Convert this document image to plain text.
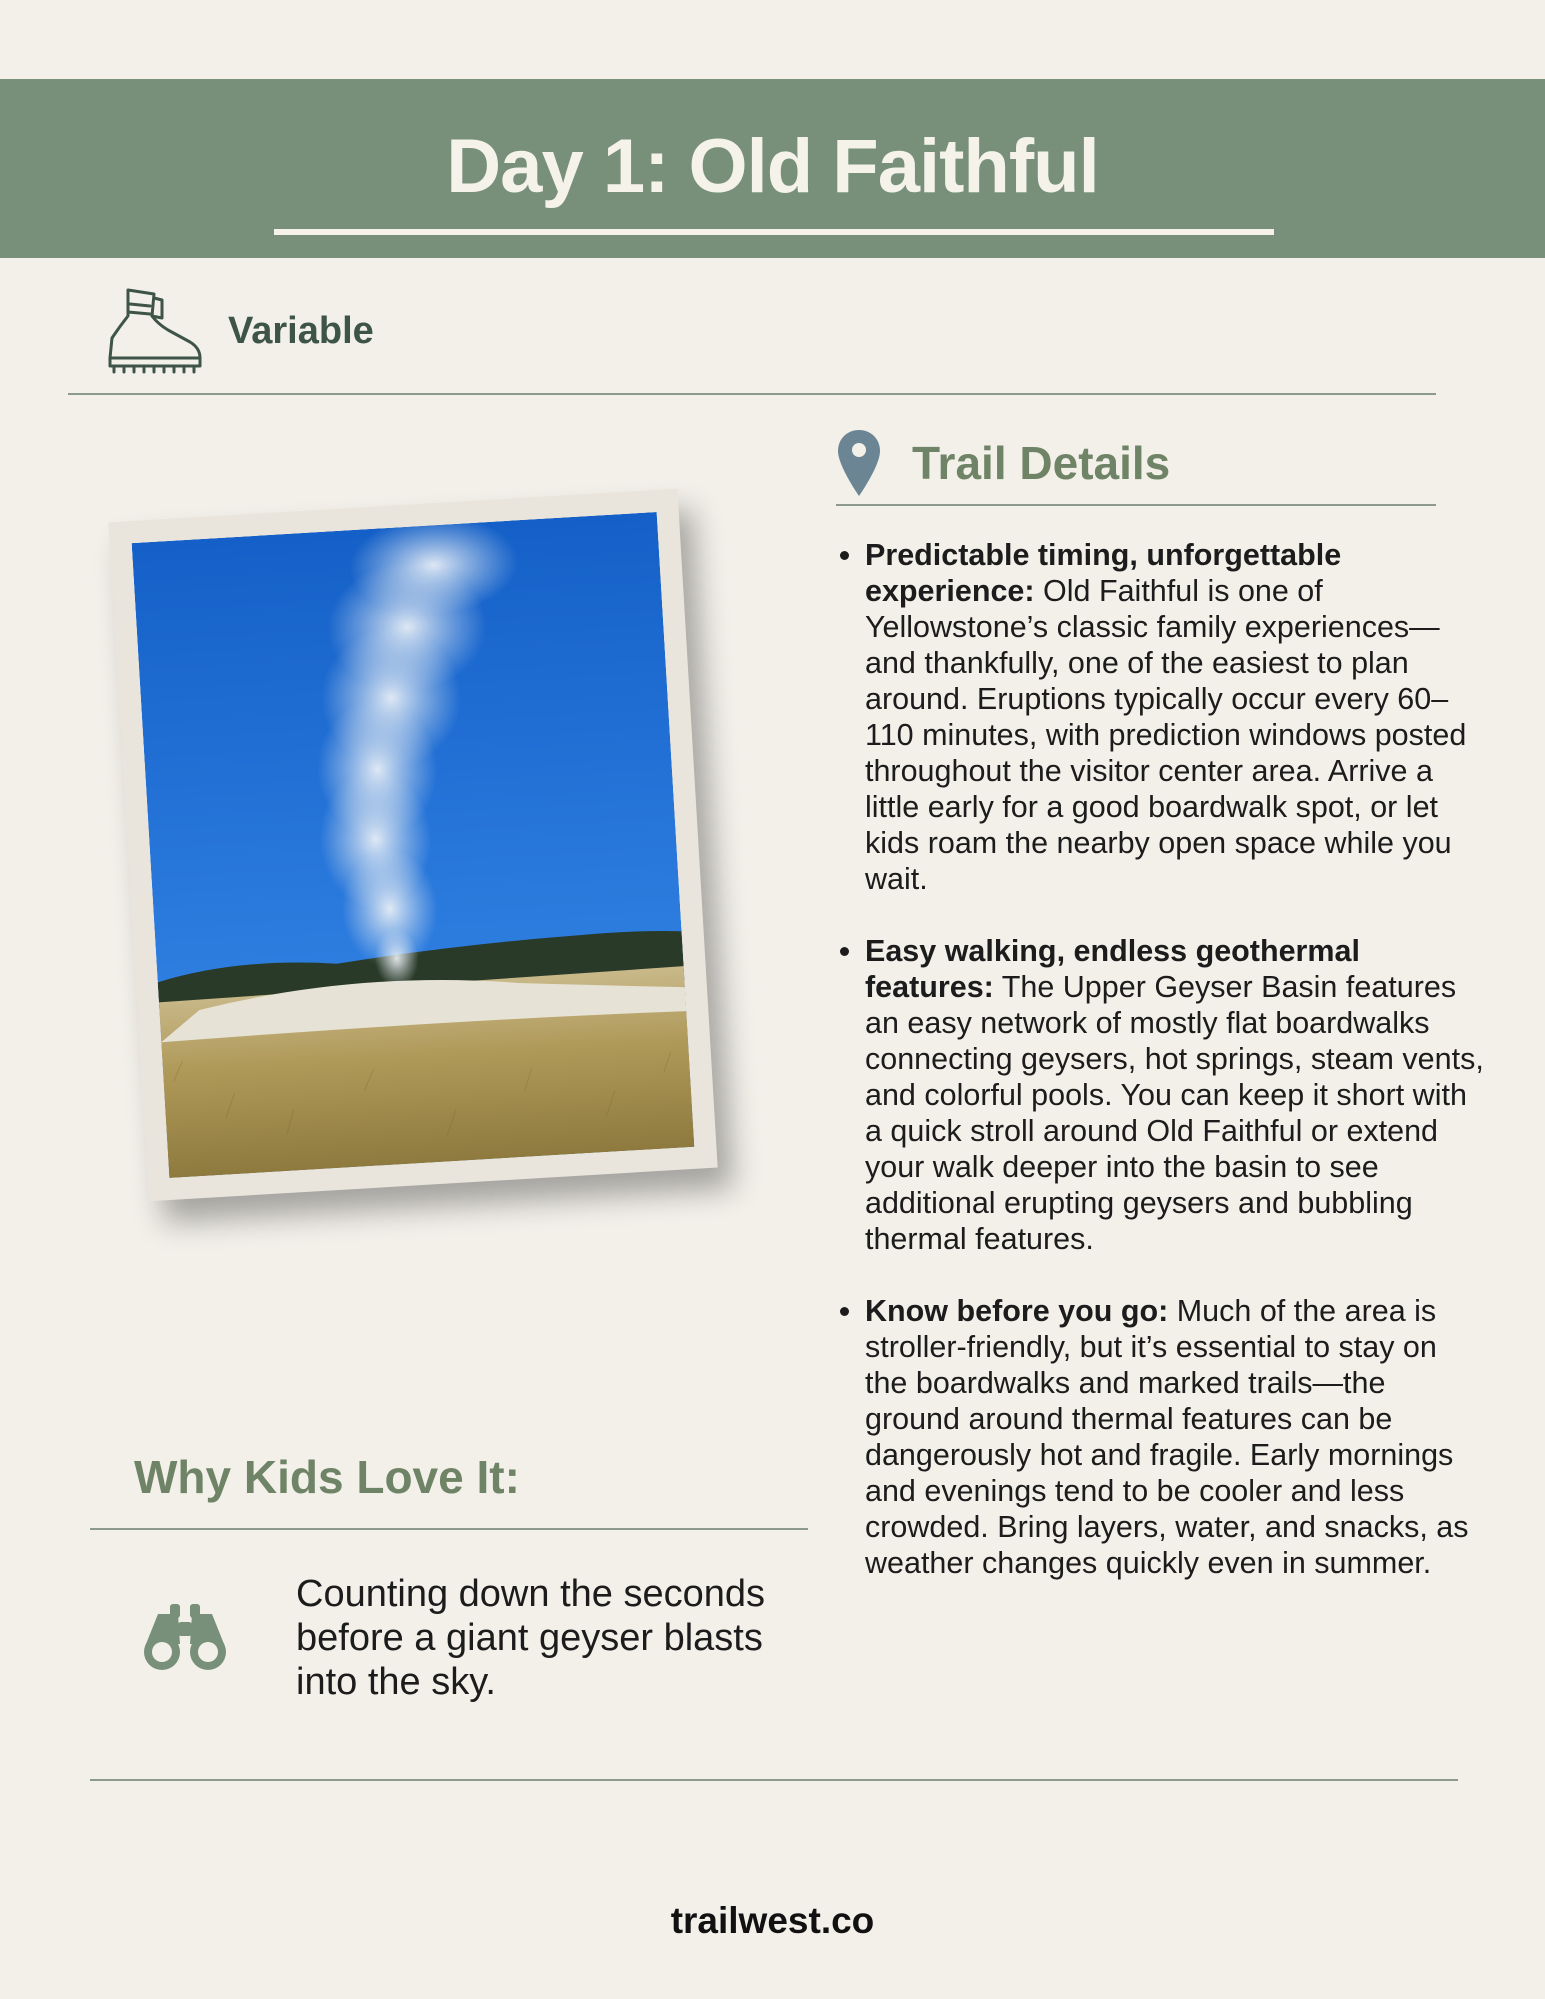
Day 1: Old Faithful
Variable
Trail Details
• Predictable timing, unforgettable experience: Old Faithful is one of Yellowstone’s classic family experiences—and thankfully, one of the easiest to plan around. Eruptions typically occur every 60–110 minutes, with prediction windows posted throughout the visitor center area. Arrive a little early for a good boardwalk spot, or let kids roam the nearby open space while you wait.
• Easy walking, endless geothermal features: The Upper Geyser Basin features an easy network of mostly flat boardwalks connecting geysers, hot springs, steam vents, and colorful pools. You can keep it short with a quick stroll around Old Faithful or extend your walk deeper into the basin to see additional erupting geysers and bubbling thermal features.
• Know before you go: Much of the area is stroller-friendly, but it’s essential to stay on the boardwalks and marked trails—the ground around thermal features can be dangerously hot and fragile. Early mornings and evenings tend to be cooler and less crowded. Bring layers, water, and snacks, as weather changes quickly even in summer.
Why Kids Love It:
Counting down the seconds before a giant geyser blasts into the sky.
trailwest.co
